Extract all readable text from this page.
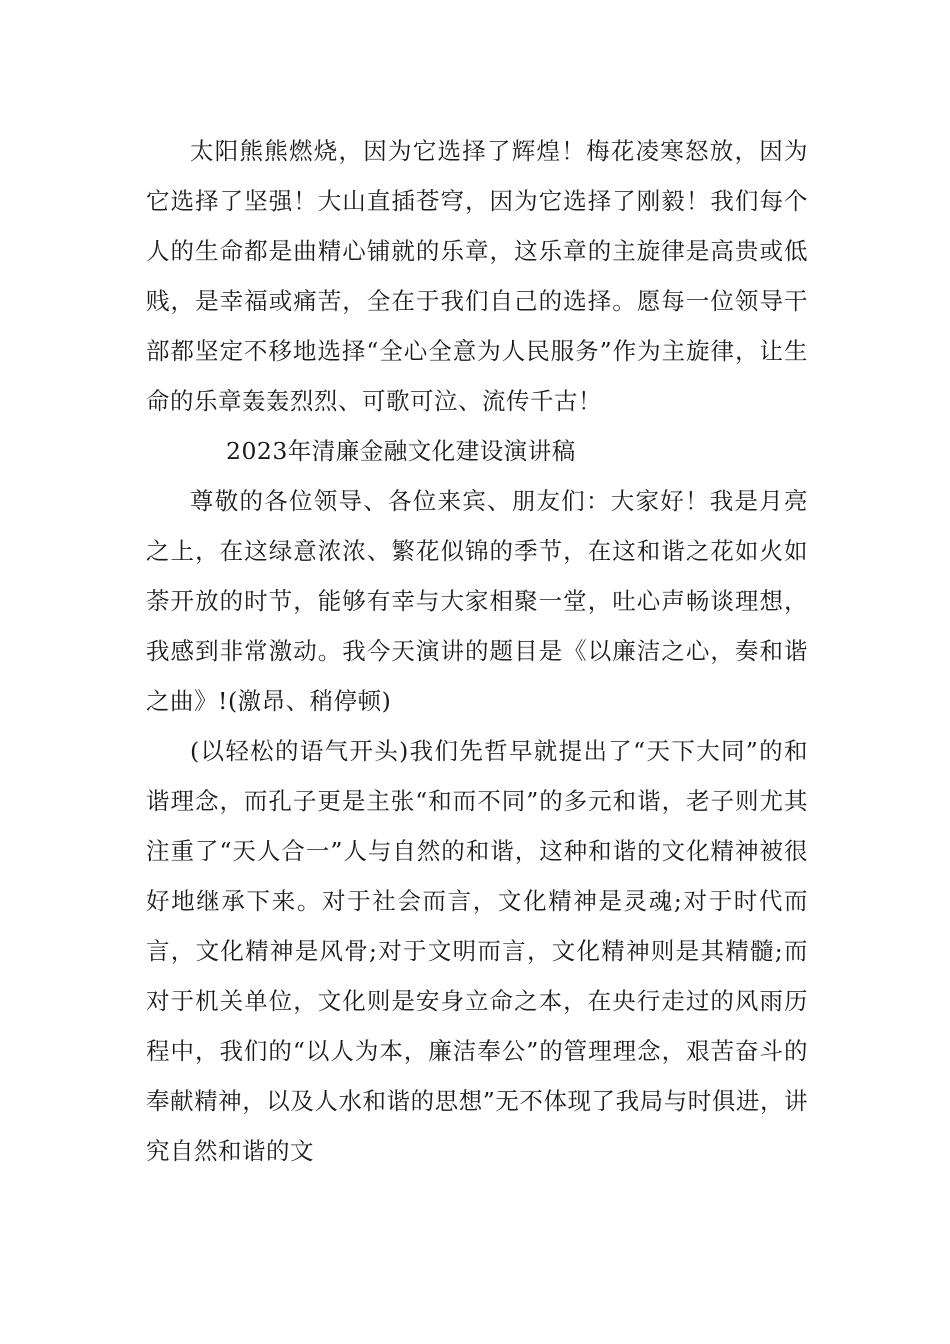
太阳熊熊燃烧，因为它选择了辉煌！梅花凌寒怒放，因为它选择了坚强！大山直插苍穹，因为它选择了刚毅！我们每个人的生命都是曲精心铺就的乐章，这乐章的主旋律是高贵或低贱，是幸福或痛苦，全在于我们自己的选择。愿每一位领导干部都坚定不移地选择“全心全意为人民服务”作为主旋律，让生命的乐章轰轰烈烈、可歌可泣、流传千古！

2023年清廉金融文化建设演讲稿

尊敬的各位领导、各位来宾、朋友们：大家好！我是月亮之上，在这绿意浓浓、繁花似锦的季节，在这和谐之花如火如荼开放的时节，能够有幸与大家相聚一堂，吐心声畅谈理想，我感到非常激动。我今天演讲的题目是《以廉洁之心，奏和谐之曲》!(激昂、稍停顿)

(以轻松的语气开头)我们先哲早就提出了“天下大同”的和谐理念，而孔子更是主张“和而不同”的多元和谐，老子则尤其注重了“天人合一”人与自然的和谐，这种和谐的文化精神被很好地继承下来。对于社会而言，文化精神是灵魂;对于时代而言，文化精神是风骨;对于文明而言，文化精神则是其精髓;而对于机关单位，文化则是安身立命之本，在央行走过的风雨历程中，我们的“以人为本，廉洁奉公”的管理理念，艰苦奋斗的奉献精神，以及人水和谐的思想”无不体现了我局与时俱进，讲究自然和谐的文
